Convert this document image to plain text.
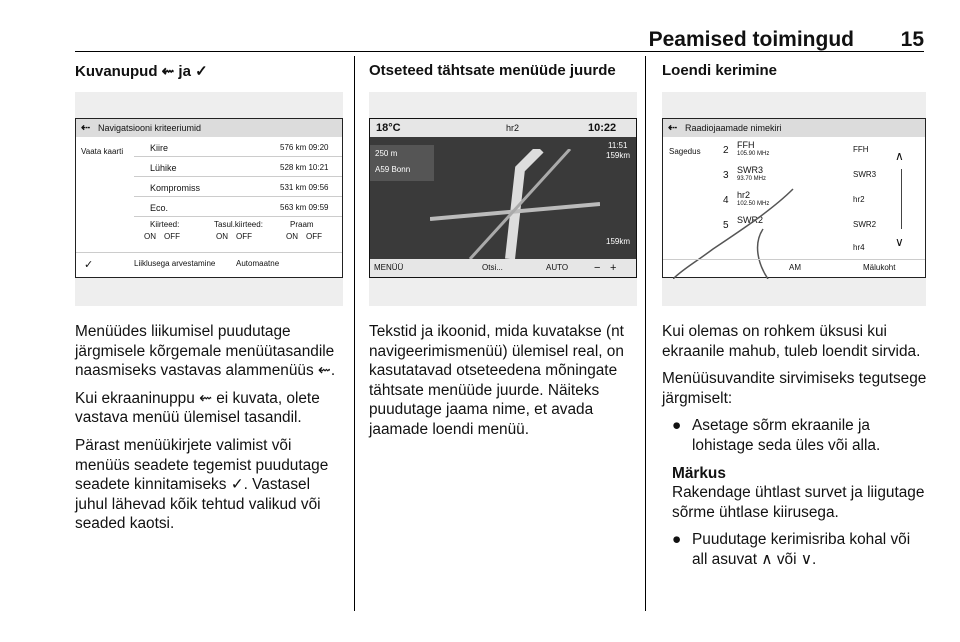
Peamised toimingud 15
Kuvanupud ⇜ ja ✓
⇠ Navigatsiooni kriteeriumid
Vaata kaarti	Kiire	576 km 09:20
Lühike	528 km 10:21
Kompromiss	531 km 09:56
Eco.	563 km 09:59
Kiirteed:
ON OFF
Tasul.kiirteed:
ON OFF
Praam
ON OFF
✓	Liiklusega arvestamine	Automaatne

Menüüdes liikumisel puudutage järgmisele kõrgemale menüütasandile naasmiseks vastavas alammenüüs ⇜.

Kui ekraaninuppu ⇜ ei kuvata, olete vastava menüü ülemisel tasandil.

Pärast menüükirjete valimist või menüüs seadete tegemist puudutage seadete kinnitamiseks ✓. Vastasel juhul lähevad kõik tehtud valikud või seaded kaotsi.

Otseteed tähtsate menüüde juurde
18°C	hr2	10:22
250 m
A59 Bonn
11:51
159km
159km
MENÜÜ	Otsi...	AUTO − +

Tekstid ja ikoonid, mida kuvatakse (nt navigeerimismenüü) ülemisel real, on kasutatavad otseteedena mõningate tähtsate menüüde juurde. Näiteks puudutage jaama nime, et avada jaamade loendi menüü.

Loendi kerimine
⇠ Raadiojaamade nimekiri
Sagedus 2 FFH
105.90 MHz	FFH
3 SWR3
93.70 MHz	SWR3
4 hr2
102.50 MHz	hr2
5 SWR2	SWR2
hr4
∧
∨
AM	Mälukoht

Kui olemas on rohkem üksusi kui ekraanile mahub, tuleb loendit sirvida.

Menüüsuvandite sirvimiseks tegutsege järgmiselt:

● Asetage sõrm ekraanile ja lohistage seda üles või alla.
Märkus
Rakendage ühtlast survet ja liigutage sõrme ühtlase kiirusega.
● Puudutage kerimisriba kohal või all asuvat ∧ või ∨.
